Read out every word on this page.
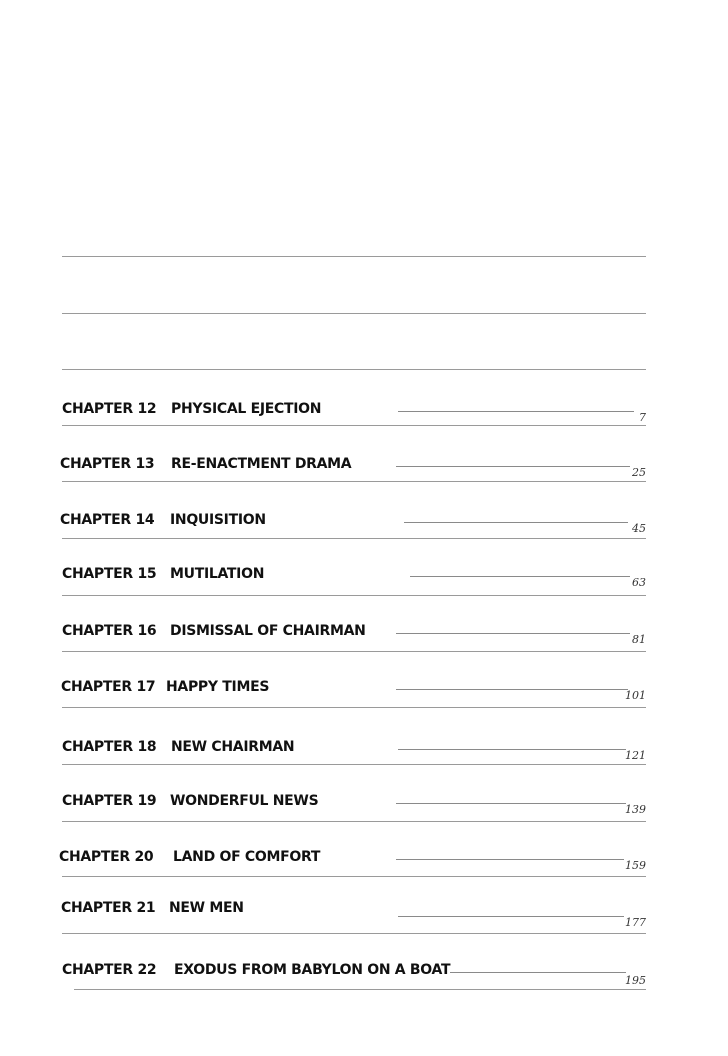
CHAPTER 12 PHYSICAL EJECTION
7
CHAPTER 13 RE-ENACTMENT DRAMA
25
CHAPTER 14 INQUISITION
45
CHAPTER 15 MUTILATION
63
CHAPTER 16 DISMISSAL OF CHAIRMAN
81
CHAPTER 17 HAPPY TIMES
101
CHAPTER 18 NEW CHAIRMAN
121
CHAPTER 19 WONDERFUL NEWS
139
CHAPTER 20 LAND OF COMFORT
159
CHAPTER 21 NEW MEN
177
CHAPTER 22 EXODUS FROM BABYLON ON A BOAT
195
